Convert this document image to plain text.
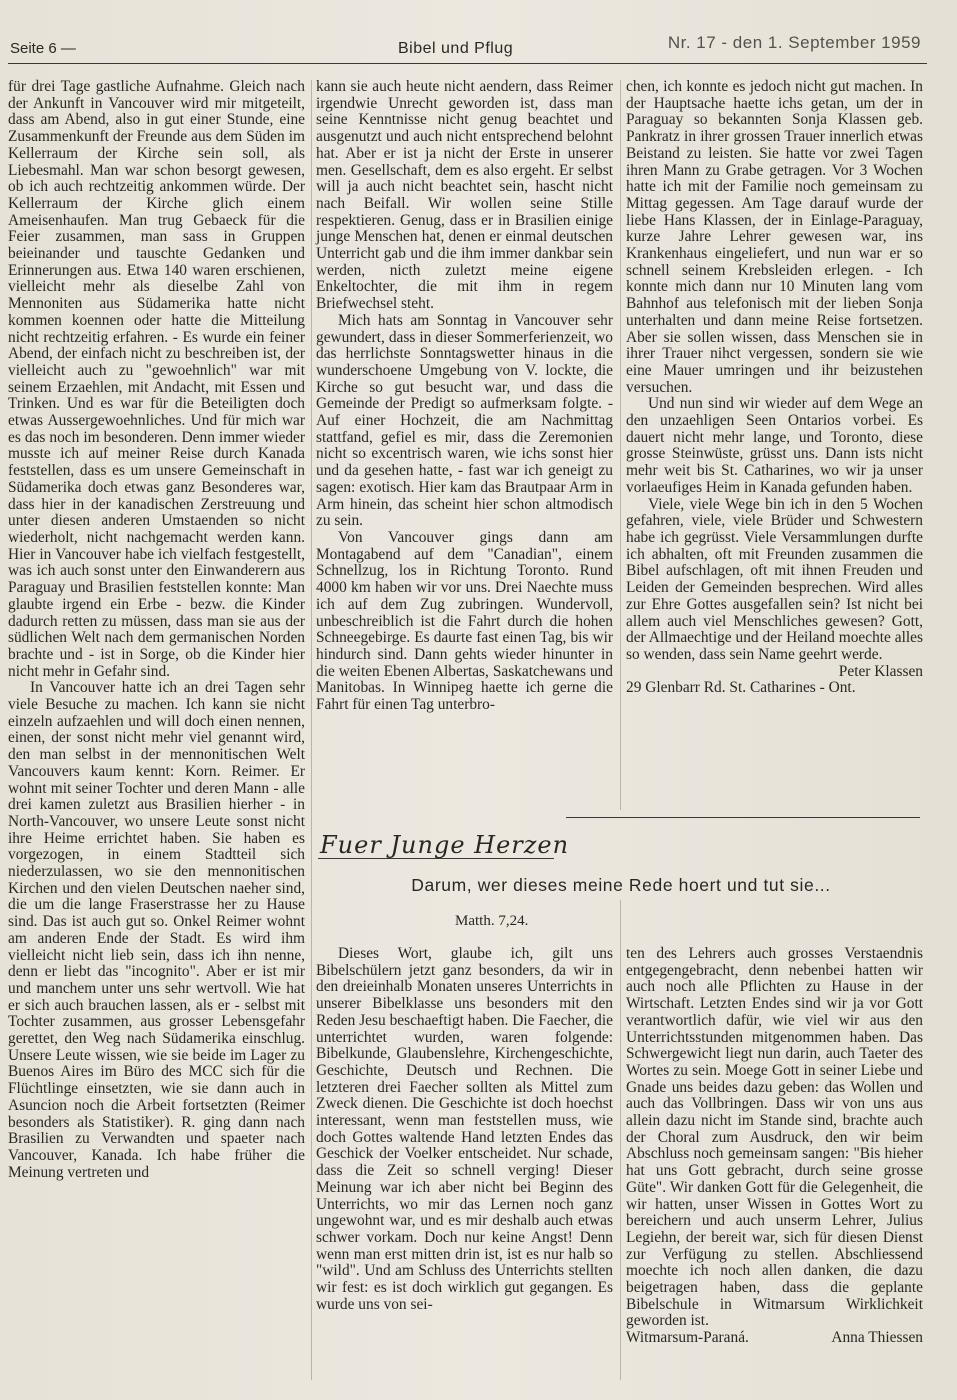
Seite 6 —	Bibel und Pflug	Nr. 17 - den 1. September 1959

für drei Tage gastliche Aufnahme. Gleich nach der Ankunft in Vancouver wird mir mitgeteilt, dass am Abend, also in gut einer Stunde, eine Zusammenkunft der Freunde aus dem Süden im Kellerraum der Kirche sein soll, als Liebesmahl. Man war schon besorgt gewesen, ob ich auch rechtzeitig ankommen würde. Der Kellerraum der Kirche glich einem Ameisenhaufen. Man trug Gebaeck für die Feier zusammen, man sass in Gruppen beieinander und tauschte Gedanken und Erinnerungen aus. Etwa 140 waren erschienen, vielleicht mehr als dieselbe Zahl von Mennoniten aus Südamerika hatte nicht kommen koennen oder hatte die Mitteilung nicht rechtzeitig erfahren. - Es wurde ein feiner Abend, der einfach nicht zu beschreiben ist, der vielleicht auch zu "gewoehnlich" war mit seinem Erzaehlen, mit Andacht, mit Essen und Trinken. Und es war für die Beteiligten doch etwas Aussergewoehnliches. Und für mich war es das noch im besonderen. Denn immer wieder musste ich auf meiner Reise durch Kanada feststellen, dass es um unsere Gemeinschaft in Südamerika doch etwas ganz Besonderes war, dass hier in der kanadischen Zerstreuung und unter diesen anderen Umstaenden so nicht wiederholt, nicht nachgemacht werden kann. Hier in Vancouver habe ich vielfach festgestellt, was ich auch sonst unter den Einwanderern aus Paraguay und Brasilien feststellen konnte: Man glaubte irgend ein Erbe - bezw. die Kinder dadurch retten zu müssen, dass man sie aus der südlichen Welt nach dem germanischen Norden brachte und - ist in Sorge, ob die Kinder hier nicht mehr in Gefahr sind.

In Vancouver hatte ich an drei Tagen sehr viele Besuche zu machen. Ich kann sie nicht einzeln aufzaehlen und will doch einen nennen, einen, der sonst nicht mehr viel genannt wird, den man selbst in der mennonitischen Welt Vancouvers kaum kennt: Korn. Reimer. Er wohnt mit seiner Tochter und deren Mann - alle drei kamen zuletzt aus Brasilien hierher - in North-Vancouver, wo unsere Leute sonst nicht ihre Heime errichtet haben. Sie haben es vorgezogen, in einem Stadtteil sich niederzulassen, wo sie den mennonitischen Kirchen und den vielen Deutschen naeher sind, die um die lange Fraserstrasse her zu Hause sind. Das ist auch gut so. Onkel Reimer wohnt am anderen Ende der Stadt. Es wird ihm vielleicht nicht lieb sein, dass ich ihn nenne, denn er liebt das "incognito". Aber er ist mir und manchem unter uns sehr wertvoll. Wie hat er sich auch brauchen lassen, als er - selbst mit Tochter zusammen, aus grosser Lebensgefahr gerettet, den Weg nach Südamerika einschlug. Unsere Leute wissen, wie sie beide im Lager zu Buenos Aires im Büro des MCC sich für die Flüchtlinge einsetzten, wie sie dann auch in Asuncion noch die Arbeit fortsetzten (Reimer besonders als Statistiker). R. ging dann nach Brasilien zu Verwandten und spaeter nach Vancouver, Kanada. Ich habe früher die Meinung vertreten und

kann sie auch heute nicht aendern, dass Reimer irgendwie Unrecht geworden ist, dass man seine Kenntnisse nicht genug beachtet und ausgenutzt und auch nicht entsprechend belohnt hat. Aber er ist ja nicht der Erste in unserer men. Gesellschaft, dem es also ergeht. Er selbst will ja auch nicht beachtet sein, hascht nicht nach Beifall. Wir wollen seine Stille respektieren. Genug, dass er in Brasilien einige junge Menschen hat, denen er einmal deutschen Unterricht gab und die ihm immer dankbar sein werden, nicth zuletzt meine eigene Enkeltochter, die mit ihm in regem Briefwechsel steht.

Mich hats am Sonntag in Vancouver sehr gewundert, dass in dieser Sommerferienzeit, wo das herrlichste Sonntagswetter hinaus in die wunderschoene Umgebung von V. lockte, die Kirche so gut besucht war, und dass die Gemeinde der Predigt so aufmerksam folgte. - Auf einer Hochzeit, die am Nachmittag stattfand, gefiel es mir, dass die Zeremonien nicht so excentrisch waren, wie ichs sonst hier und da gesehen hatte, - fast war ich geneigt zu sagen: exotisch. Hier kam das Brautpaar Arm in Arm hinein, das scheint hier schon altmodisch zu sein.

Von Vancouver gings dann am Montagabend auf dem "Canadian", einem Schnellzug, los in Richtung Toronto. Rund 4000 km haben wir vor uns. Drei Naechte muss ich auf dem Zug zubringen. Wundervoll, unbeschreiblich ist die Fahrt durch die hohen Schneegebirge. Es daurte fast einen Tag, bis wir hindurch sind. Dann gehts wieder hinunter in die weiten Ebenen Albertas, Saskatchewans und Manitobas. In Winnipeg haette ich gerne die Fahrt für einen Tag unterbro-

chen, ich konnte es jedoch nicht gut machen. In der Hauptsache haette ichs getan, um der in Paraguay so bekannten Sonja Klassen geb. Pankratz in ihrer grossen Trauer innerlich etwas Beistand zu leisten. Sie hatte vor zwei Tagen ihren Mann zu Grabe getragen. Vor 3 Wochen hatte ich mit der Familie noch gemeinsam zu Mittag gegessen. Am Tage darauf wurde der liebe Hans Klassen, der in Einlage-Paraguay, kurze Jahre Lehrer gewesen war, ins Krankenhaus eingeliefert, und nun war er so schnell seinem Krebsleiden erlegen. - Ich konnte mich dann nur 10 Minuten lang vom Bahnhof aus telefonisch mit der lieben Sonja unterhalten und dann meine Reise fortsetzen. Aber sie sollen wissen, dass Menschen sie in ihrer Trauer nihct vergessen, sondern sie wie eine Mauer umringen und ihr beizustehen versuchen.

Und nun sind wir wieder auf dem Wege an den unzaehligen Seen Ontarios vorbei. Es dauert nicht mehr lange, und Toronto, diese grosse Steinwüste, grüsst uns. Dann ists nicht mehr weit bis St. Catharines, wo wir ja unser vorlaeufiges Heim in Kanada gefunden haben.

Viele, viele Wege bin ich in den 5 Wochen gefahren, viele, viele Brüder und Schwestern habe ich gegrüsst. Viele Versammlungen durfte ich abhalten, oft mit Freunden zusammen die Bibel aufschlagen, oft mit ihnen Freuden und Leiden der Gemeinden besprechen. Wird alles zur Ehre Gottes ausgefallen sein? Ist nicht bei allem auch viel Menschliches gewesen? Gott, der Allmaechtige und der Heiland moechte alles so wenden, dass sein Name geehrt werde.

Peter Klassen
29 Glenbarr Rd. St. Catharines - Ont.
Fuer Junge Herzen
Darum, wer dieses meine Rede hoert und tut sie...
Matth. 7,24.

Dieses Wort, glaube ich, gilt uns Bibelschülern jetzt ganz besonders, da wir in den dreieinhalb Monaten unseres Unterrichts in unserer Bibelklasse uns besonders mit den Reden Jesu beschaeftigt haben. Die Faecher, die unterrichtet wurden, waren folgende: Bibelkunde, Glaubenslehre, Kirchengeschichte, Geschichte, Deutsch und Rechnen. Die letzteren drei Faecher sollten als Mittel zum Zweck dienen. Die Geschichte ist doch hoechst interessant, wenn man feststellen muss, wie doch Gottes waltende Hand letzten Endes das Geschick der Voelker entscheidet. Nur schade, dass die Zeit so schnell verging! Dieser Meinung war ich aber nicht bei Beginn des Unterrichts, wo mir das Lernen noch ganz ungewohnt war, und es mir deshalb auch etwas schwer vorkam. Doch nur keine Angst! Denn wenn man erst mitten drin ist, ist es nur halb so "wild". Und am Schluss des Unterrichts stellten wir fest: es ist doch wirklich gut gegangen. Es wurde uns von sei-

ten des Lehrers auch grosses Verstaendnis entgegengebracht, denn nebenbei hatten wir auch noch alle Pflichten zu Hause in der Wirtschaft. Letzten Endes sind wir ja vor Gott verantwortlich dafür, wie viel wir aus den Unterrichtsstunden mitgenommen haben. Das Schwergewicht liegt nun darin, auch Taeter des Wortes zu sein. Moege Gott in seiner Liebe und Gnade uns beides dazu geben: das Wollen und auch das Vollbringen. Dass wir von uns aus allein dazu nicht im Stande sind, brachte auch der Choral zum Ausdruck, den wir beim Abschluss noch gemeinsam sangen: "Bis hieher hat uns Gott gebracht, durch seine grosse Güte". Wir danken Gott für die Gelegenheit, die wir hatten, unser Wissen in Gottes Wort zu bereichern und auch unserm Lehrer, Julius Legiehn, der bereit war, sich für diesen Dienst zur Verfügung zu stellen. Abschliessend moechte ich noch allen danken, die dazu beigetragen haben, dass die geplante Bibelschule in Witmarsum Wirklichkeit geworden ist.

Witmarsum-Paraná.	Anna Thiessen
